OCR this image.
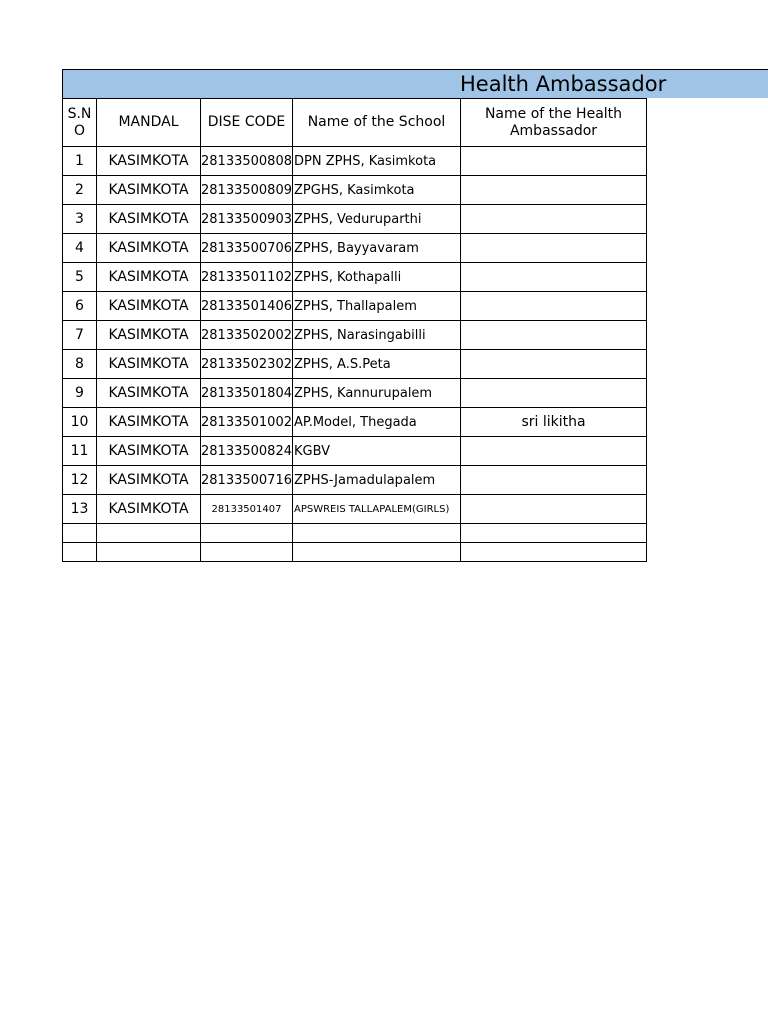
Health Ambassador
S.N O	MANDAL	DISE CODE	Name of the School	Name of the Health Ambassador
1	KASIMKOTA	28133500808	DPN ZPHS, Kasimkota	
2	KASIMKOTA	28133500809	ZPGHS, Kasimkota	
3	KASIMKOTA	28133500903	ZPHS, Veduruparthi	
4	KASIMKOTA	28133500706	ZPHS, Bayyavaram	
5	KASIMKOTA	28133501102	ZPHS, Kothapalli	
6	KASIMKOTA	28133501406	ZPHS, Thallapalem	
7	KASIMKOTA	28133502002	ZPHS, Narasingabilli	
8	KASIMKOTA	28133502302	ZPHS, A.S.Peta	
9	KASIMKOTA	28133501804	ZPHS, Kannurupalem	
10	KASIMKOTA	28133501002	AP.Model, Thegada	sri likitha
11	KASIMKOTA	28133500824	KGBV	
12	KASIMKOTA	28133500716	ZPHS-Jamadulapalem	
13	KASIMKOTA	28133501407	APSWREIS TALLAPALEM(GIRLS)	
